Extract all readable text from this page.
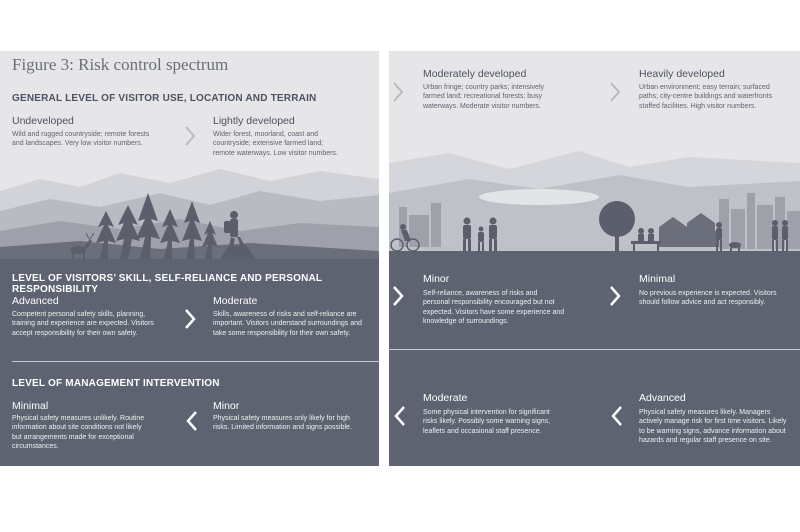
Figure 3: Risk control spectrum
GENERAL LEVEL OF VISITOR USE, LOCATION AND TERRAIN
Undeveloped
Wild and rugged countryside; remote forests
and landscapes. Very low visitor numbers.
Lightly developed
Wider forest, moorland, coast and
countryside; extensive farmed land;
remote waterways. Low visitor numbers.
LEVEL OF VISITORS’ SKILL, SELF-RELIANCE AND PERSONAL RESPONSIBILITY
Advanced
Competent personal safety skills, planning,
training and experience are expected. Visitors
accept responsibility for their own safety.
Moderate
Skills, awareness of risks and self-reliance are
important. Visitors understand surroundings and
take some responsibility for their own safety.
LEVEL OF MANAGEMENT INTERVENTION
Minimal
Physical safety measures unlikely. Routine
information about site conditions not likely
but arrangements made for exceptional
circumstances.
Minor
Physical safety measures only likely for high
risks. Limited information and signs possible.
Moderately developed
Urban fringe; country parks; intensively
farmed land; recreational forests; busy
waterways. Moderate visitor numbers.
Heavily developed
Urban environment; easy terrain; surfaced
paths; city-centre buildings and waterfronts
staffed facilities. High visitor numbers.
Minor
Self-reliance, awareness of risks and
personal responsibility encouraged but not
expected. Visitors have some experience and
knowledge of surroundings.
Minimal
No previous experience is expected. Visitors
should follow advice and act responsibly.
Moderate
Some physical intervention for significant
risks likely. Possibly some warning signs,
leaflets and occasional staff presence.
Advanced
Physical safety measures likely. Managers
actively manage risk for first time visitors. Likely
to be warning signs, advance information about
hazards and regular staff presence on site.
